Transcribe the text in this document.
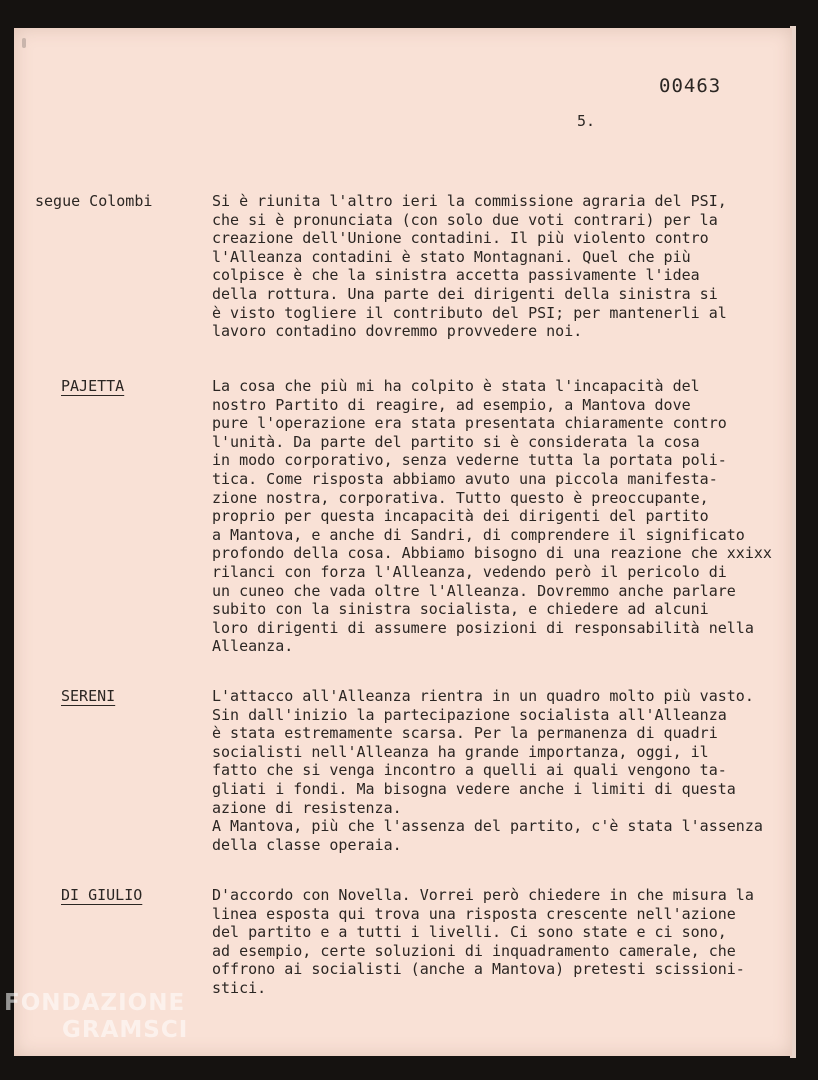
00463
5.
segue Colombi	Si è riunita l'altro ieri la commissione agraria del PSI,
che si è pronunciata (con solo due voti contrari) per la
creazione dell'Unione contadini. Il più violento contro
l'Alleanza contadini è stato Montagnani. Quel che più
colpisce è che la sinistra accetta passivamente l'idea
della rottura. Una parte dei dirigenti della sinistra si
è visto togliere il contributo del PSI; per mantenerli al
lavoro contadino dovremmo provvedere noi.
PAJETTA	La cosa che più mi ha colpito è stata l'incapacità del
nostro Partito di reagire, ad esempio, a Mantova dove
pure l'operazione era stata presentata chiaramente contro
l'unità. Da parte del partito si è considerata la cosa
in modo corporativo, senza vederne tutta la portata poli-
tica. Come risposta abbiamo avuto una piccola manifesta-
zione nostra, corporativa. Tutto questo è preoccupante,
proprio per questa incapacità dei dirigenti del partito
a Mantova, e anche di Sandri, di comprendere il significato
profondo della cosa. Abbiamo bisogno di una reazione che xxixx
rilanci con forza l'Alleanza, vedendo però il pericolo di
un cuneo che vada oltre l'Alleanza. Dovremmo anche parlare
subito con la sinistra socialista, e chiedere ad alcuni
loro dirigenti di assumere posizioni di responsabilità nella
Alleanza.
SERENI	L'attacco all'Alleanza rientra in un quadro molto più vasto.
Sin dall'inizio la partecipazione socialista all'Alleanza
è stata estremamente scarsa. Per la permanenza di quadri
socialisti nell'Alleanza ha grande importanza, oggi, il
fatto che si venga incontro a quelli ai quali vengono ta-
gliati i fondi. Ma bisogna vedere anche i limiti di questa
azione di resistenza.
A Mantova, più che l'assenza del partito, c'è stata l'assenza
della classe operaia.
DI GIULIO	D'accordo con Novella. Vorrei però chiedere in che misura la
linea esposta qui trova una risposta crescente nell'azione
del partito e a tutti i livelli. Ci sono state e ci sono,
ad esempio, certe soluzioni di inquadramento camerale, che
offrono ai socialisti (anche a Mantova) pretesti scissioni-
stici.
FONDAZIONE
GRAMSCI
